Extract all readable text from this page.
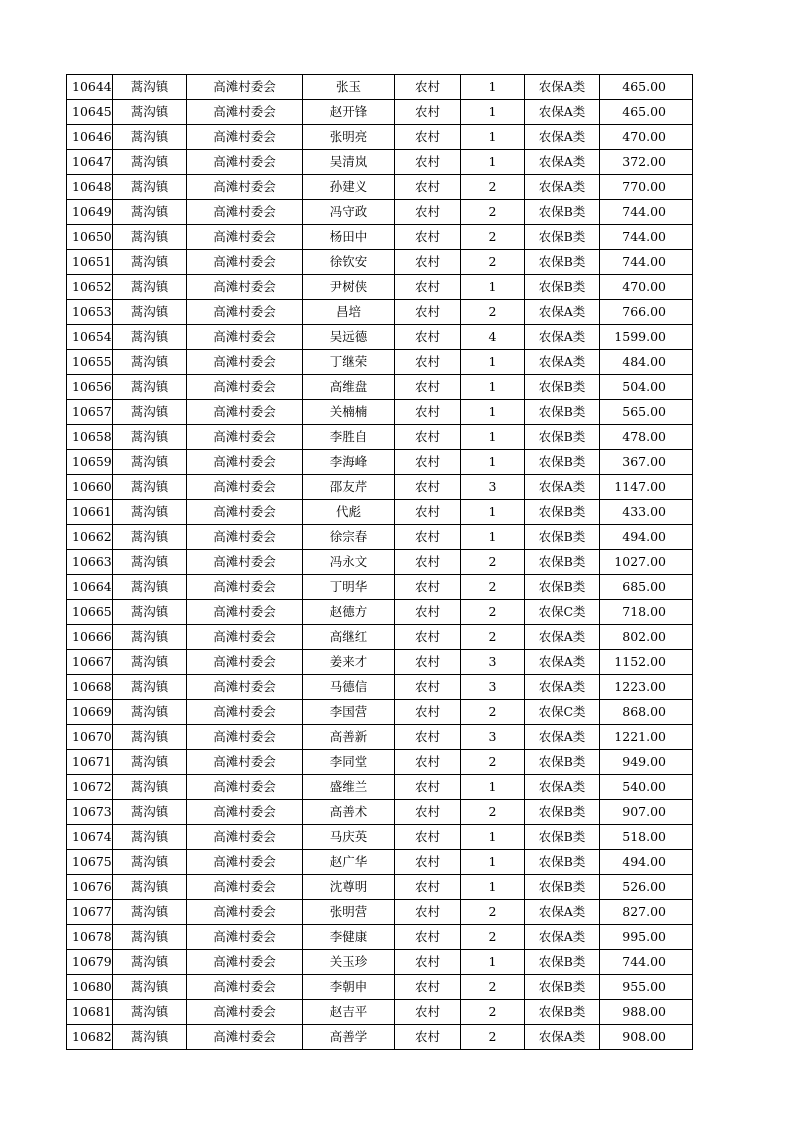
10644	蒿沟镇	高滩村委会	张玉	农村	1	农保A类	465.00
10645	蒿沟镇	高滩村委会	赵开锋	农村	1	农保A类	465.00
10646	蒿沟镇	高滩村委会	张明亮	农村	1	农保A类	470.00
10647	蒿沟镇	高滩村委会	吴清岚	农村	1	农保A类	372.00
10648	蒿沟镇	高滩村委会	孙建义	农村	2	农保A类	770.00
10649	蒿沟镇	高滩村委会	冯守政	农村	2	农保B类	744.00
10650	蒿沟镇	高滩村委会	杨田中	农村	2	农保B类	744.00
10651	蒿沟镇	高滩村委会	徐钦安	农村	2	农保B类	744.00
10652	蒿沟镇	高滩村委会	尹树侠	农村	1	农保B类	470.00
10653	蒿沟镇	高滩村委会	昌培	农村	2	农保A类	766.00
10654	蒿沟镇	高滩村委会	吴远德	农村	4	农保A类	1599.00
10655	蒿沟镇	高滩村委会	丁继荣	农村	1	农保A类	484.00
10656	蒿沟镇	高滩村委会	高维盘	农村	1	农保B类	504.00
10657	蒿沟镇	高滩村委会	关楠楠	农村	1	农保B类	565.00
10658	蒿沟镇	高滩村委会	李胜自	农村	1	农保B类	478.00
10659	蒿沟镇	高滩村委会	李海峰	农村	1	农保B类	367.00
10660	蒿沟镇	高滩村委会	邵友芹	农村	3	农保A类	1147.00
10661	蒿沟镇	高滩村委会	代彪	农村	1	农保B类	433.00
10662	蒿沟镇	高滩村委会	徐宗春	农村	1	农保B类	494.00
10663	蒿沟镇	高滩村委会	冯永文	农村	2	农保B类	1027.00
10664	蒿沟镇	高滩村委会	丁明华	农村	2	农保B类	685.00
10665	蒿沟镇	高滩村委会	赵德方	农村	2	农保C类	718.00
10666	蒿沟镇	高滩村委会	高继红	农村	2	农保A类	802.00
10667	蒿沟镇	高滩村委会	姜来才	农村	3	农保A类	1152.00
10668	蒿沟镇	高滩村委会	马德信	农村	3	农保A类	1223.00
10669	蒿沟镇	高滩村委会	李国营	农村	2	农保C类	868.00
10670	蒿沟镇	高滩村委会	高善新	农村	3	农保A类	1221.00
10671	蒿沟镇	高滩村委会	李同堂	农村	2	农保B类	949.00
10672	蒿沟镇	高滩村委会	盛维兰	农村	1	农保A类	540.00
10673	蒿沟镇	高滩村委会	高善术	农村	2	农保B类	907.00
10674	蒿沟镇	高滩村委会	马庆英	农村	1	农保B类	518.00
10675	蒿沟镇	高滩村委会	赵广华	农村	1	农保B类	494.00
10676	蒿沟镇	高滩村委会	沈尊明	农村	1	农保B类	526.00
10677	蒿沟镇	高滩村委会	张明营	农村	2	农保A类	827.00
10678	蒿沟镇	高滩村委会	李健康	农村	2	农保A类	995.00
10679	蒿沟镇	高滩村委会	关玉珍	农村	1	农保B类	744.00
10680	蒿沟镇	高滩村委会	李朝申	农村	2	农保B类	955.00
10681	蒿沟镇	高滩村委会	赵吉平	农村	2	农保B类	988.00
10682	蒿沟镇	高滩村委会	高善学	农村	2	农保A类	908.00
